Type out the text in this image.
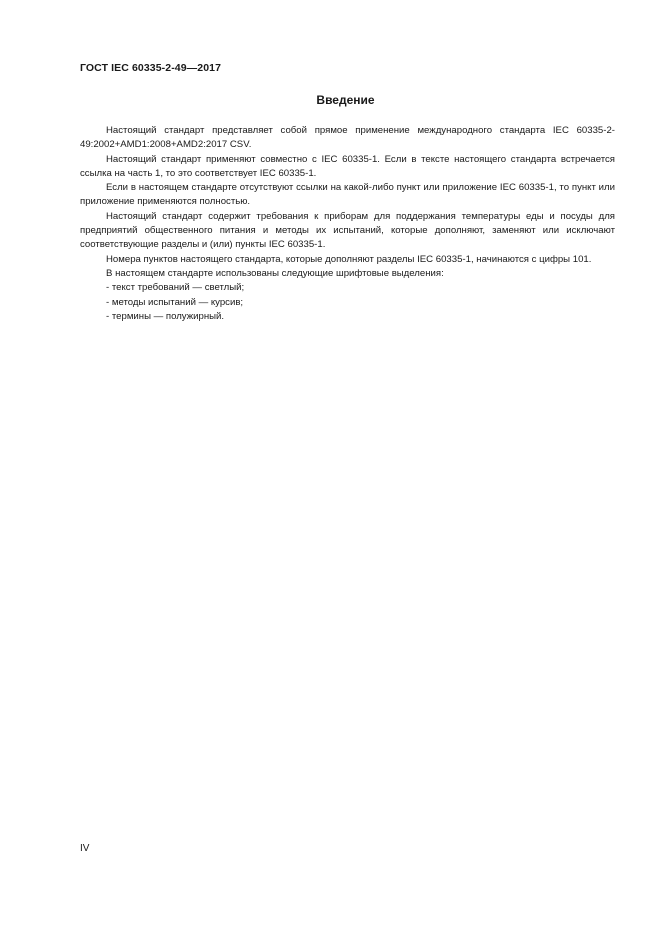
ГОСТ IEC 60335-2-49—2017
Введение

Настоящий стандарт представляет собой прямое применение международного стандарта IEC 60335-2-49:2002+AMD1:2008+AMD2:2017 CSV.

Настоящий стандарт применяют совместно с IEC 60335-1. Если в тексте настоящего стандарта встречается ссылка на часть 1, то это соответствует IEC 60335-1.

Если в настоящем стандарте отсутствуют ссылки на какой-либо пункт или приложение IEC 60335-1, то пункт или приложение применяются полностью.

Настоящий стандарт содержит требования к приборам для поддержания температуры еды и посуды для предприятий общественного питания и методы их испытаний, которые дополняют, заменяют или исключают соответствующие разделы и (или) пункты IEC 60335-1.

Номера пунктов настоящего стандарта, которые дополняют разделы IEC 60335-1, начинаются с цифры 101.

В настоящем стандарте использованы следующие шрифтовые выделения:

- текст требований — светлый;

- методы испытаний — курсив;

- термины — полужирный.

IV
